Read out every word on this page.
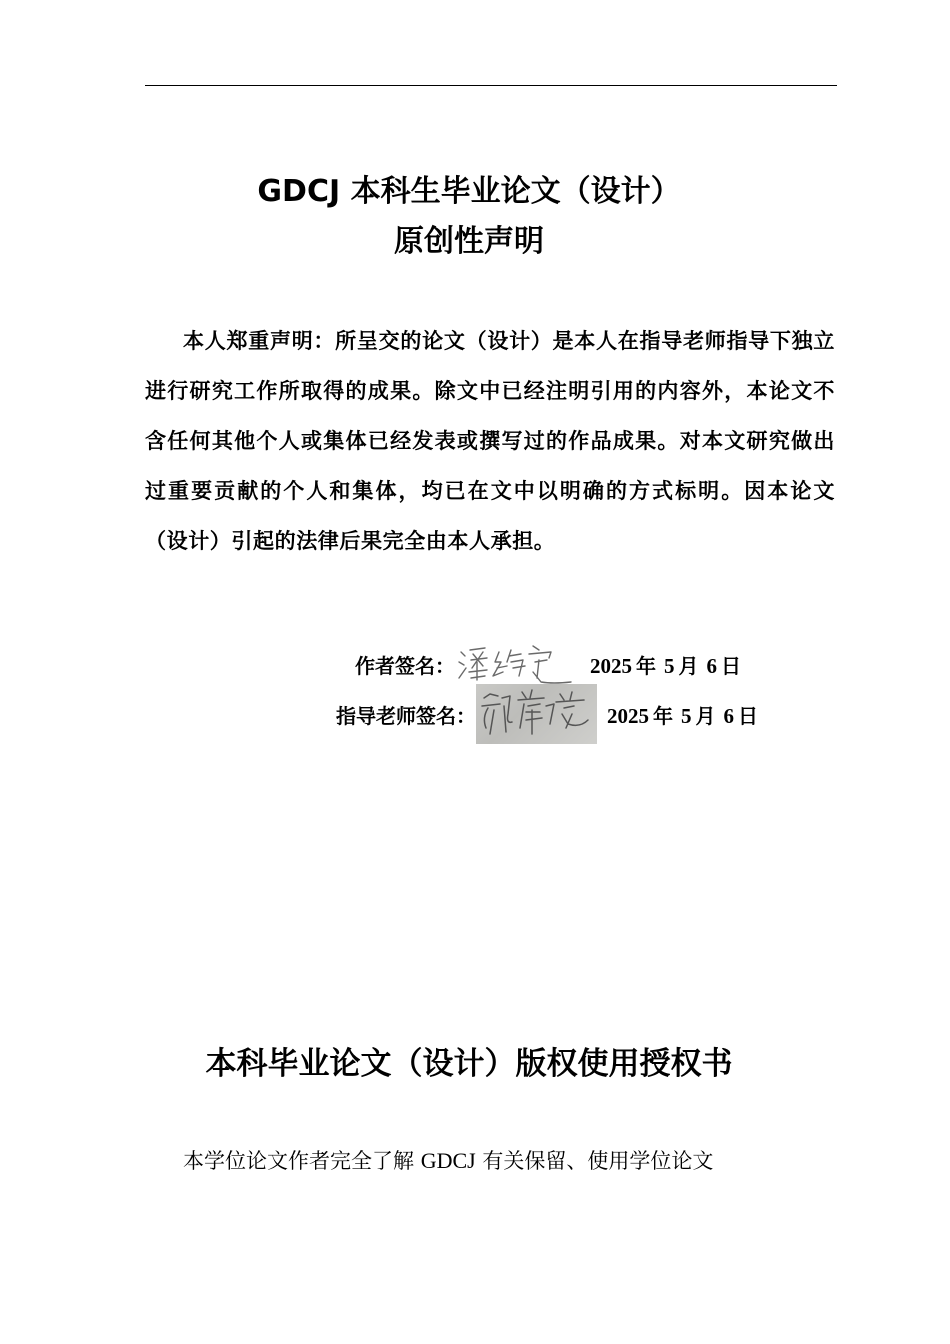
GDCJ 本科生毕业论文（设计）
原创性声明

本人郑重声明：所呈交的论文（设计）是本人在指导老师指导下独立进行研究工作所取得的成果。除文中已经注明引用的内容外，本论文不含任何其他个人或集体已经发表或撰写过的作品成果。对本文研究做出过重要贡献的个人和集体，均已在文中以明确的方式标明。因本论文（设计）引起的法律后果完全由本人承担。

作者签名：	2025 年 5 月 6 日
指导老师签名：	2025 年 5 月 6 日
本科毕业论文（设计）版权使用授权书

本学位论文作者完全了解 GDCJ 有关保留、使用学位论文
